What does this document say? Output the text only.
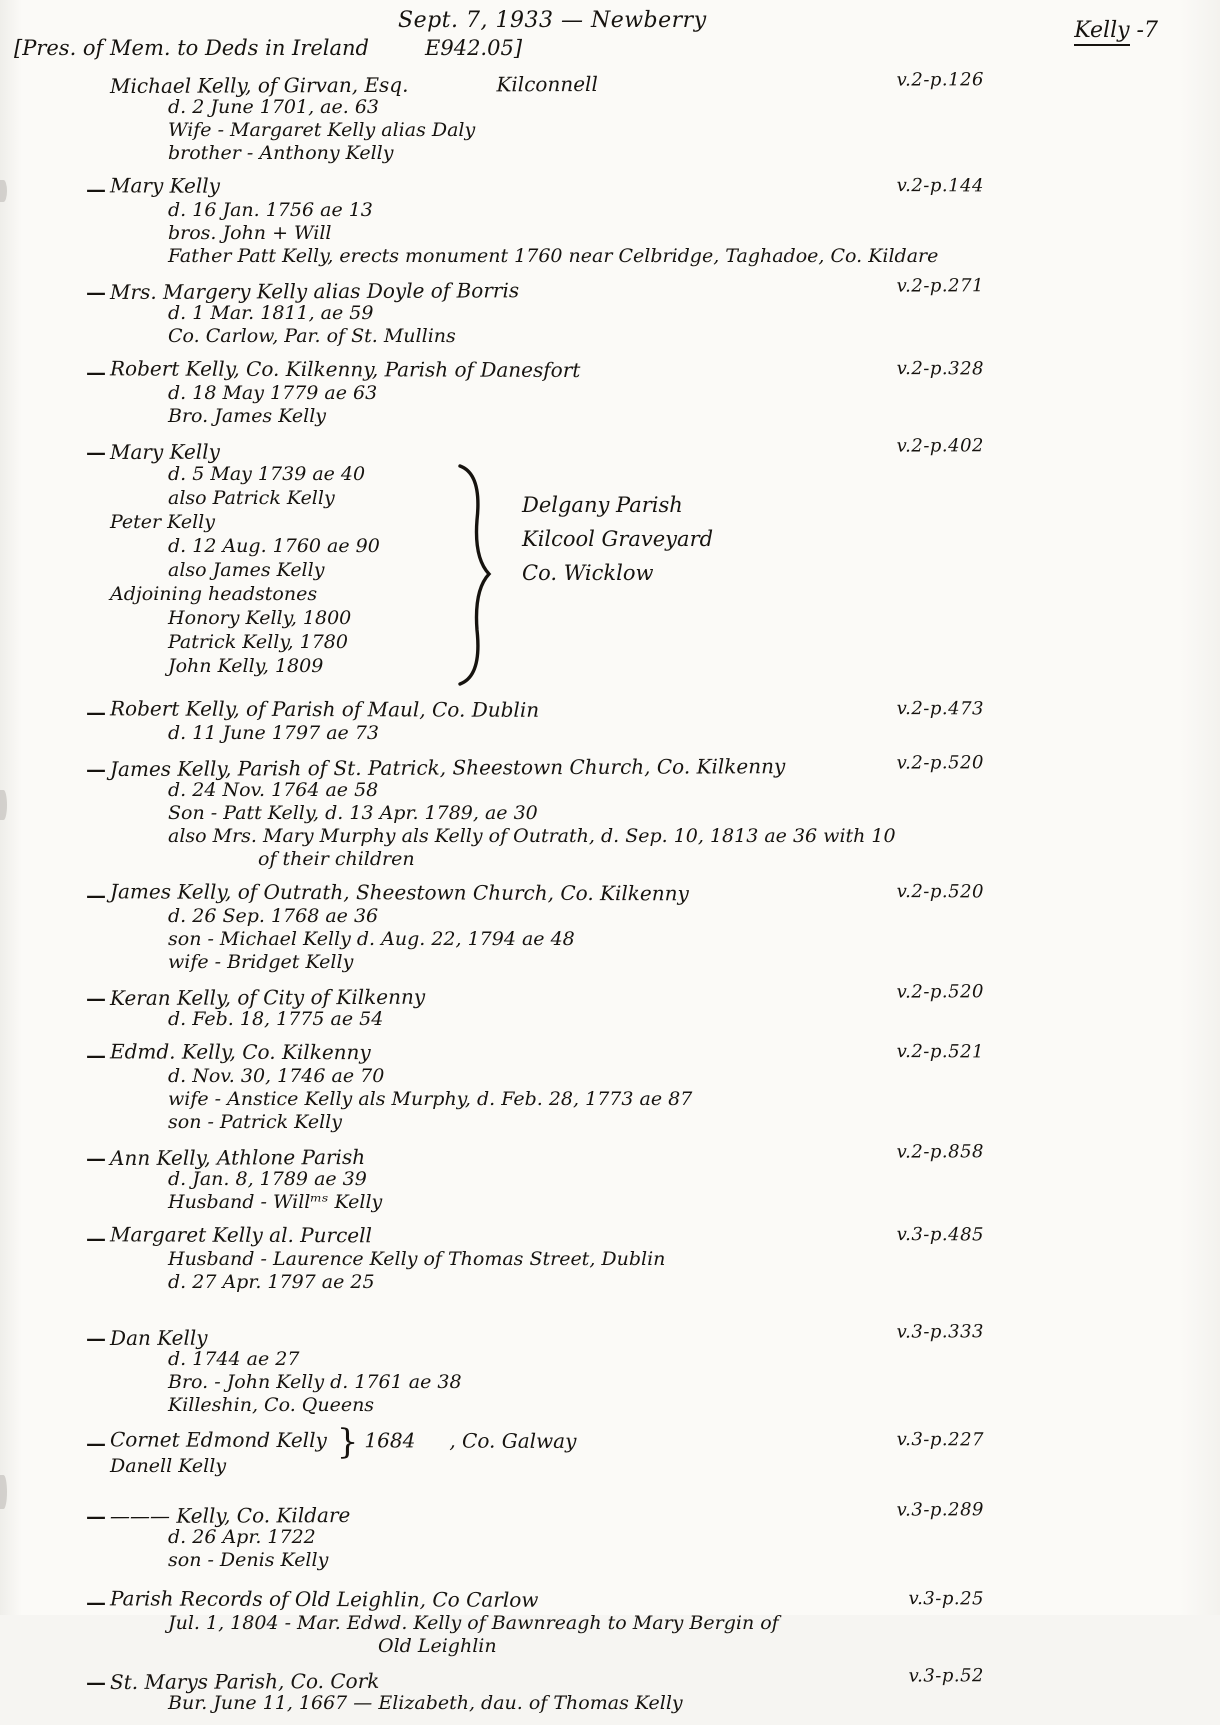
Sept. 7, 1933 — Newberry
[Pres. of Mem. to Deds in Ireland	E942.05]
Kelly -7
Michael Kelly, of Girvan, Esq.	Kilconnell	v.2-p.126
d. 2 June 1701, ae. 63
Wife - Margaret Kelly alias Daly
brother - Anthony Kelly
— Mary Kelly	v.2-p.144
d. 16 Jan. 1756 ae 13
bros. John + Will
Father Patt Kelly, erects monument 1760 near Celbridge, Taghadoe, Co. Kildare
— Mrs. Margery Kelly alias Doyle of Borris	v.2-p.271
d. 1 Mar. 1811, ae 59
Co. Carlow, Par. of St. Mullins
— Robert Kelly, Co. Kilkenny, Parish of Danesfort	v.2-p.328
d. 18 May 1779 ae 63
Bro. James Kelly
— Mary Kelly	v.2-p.402
d. 5 May 1739 ae 40
also Patrick Kelly
Peter Kelly
d. 12 Aug. 1760 ae 90
also James Kelly
Adjoining headstones
Honory Kelly, 1800
Patrick Kelly, 1780
John Kelly, 1809
Delgany Parish
Kilcool Graveyard
Co. Wicklow
— Robert Kelly, of Parish of Maul, Co. Dublin	v.2-p.473
d. 11 June 1797 ae 73
— James Kelly, Parish of St. Patrick, Sheestown Church, Co. Kilkenny	v.2-p.520
d. 24 Nov. 1764 ae 58
Son - Patt Kelly, d. 13 Apr. 1789, ae 30
also Mrs. Mary Murphy als Kelly of Outrath, d. Sep. 10, 1813 ae 36 with 10
of their children
— James Kelly, of Outrath, Sheestown Church, Co. Kilkenny	v.2-p.520
d. 26 Sep. 1768 ae 36
son - Michael Kelly d. Aug. 22, 1794 ae 48
wife - Bridget Kelly
— Keran Kelly, of City of Kilkenny	v.2-p.520
d. Feb. 18, 1775 ae 54
— Edmd. Kelly, Co. Kilkenny	v.2-p.521
d. Nov. 30, 1746 ae 70
wife - Anstice Kelly als Murphy, d. Feb. 28, 1773 ae 87
son - Patrick Kelly
— Ann Kelly, Athlone Parish	v.2-p.858
d. Jan. 8, 1789 ae 39
Husband - Willᵐˢ Kelly
— Margaret Kelly al. Purcell	v.3-p.485
Husband - Laurence Kelly of Thomas Street, Dublin
d. 27 Apr. 1797 ae 25
— Dan Kelly	v.3-p.333
d. 1744 ae 27
Bro. - John Kelly d. 1761 ae 38
Killeshin, Co. Queens
— Cornet Edmond Kelly } 1684 , Co. Galway	v.3-p.227
Danell Kelly
— ——— Kelly, Co. Kildare	v.3-p.289
d. 26 Apr. 1722
son - Denis Kelly
— Parish Records of Old Leighlin, Co Carlow	v.3-p.25
Jul. 1, 1804 - Mar. Edwd. Kelly of Bawnreagh to Mary Bergin of
Old Leighlin
— St. Marys Parish, Co. Cork	v.3-p.52
Bur. June 11, 1667 — Elizabeth, dau. of Thomas Kelly
